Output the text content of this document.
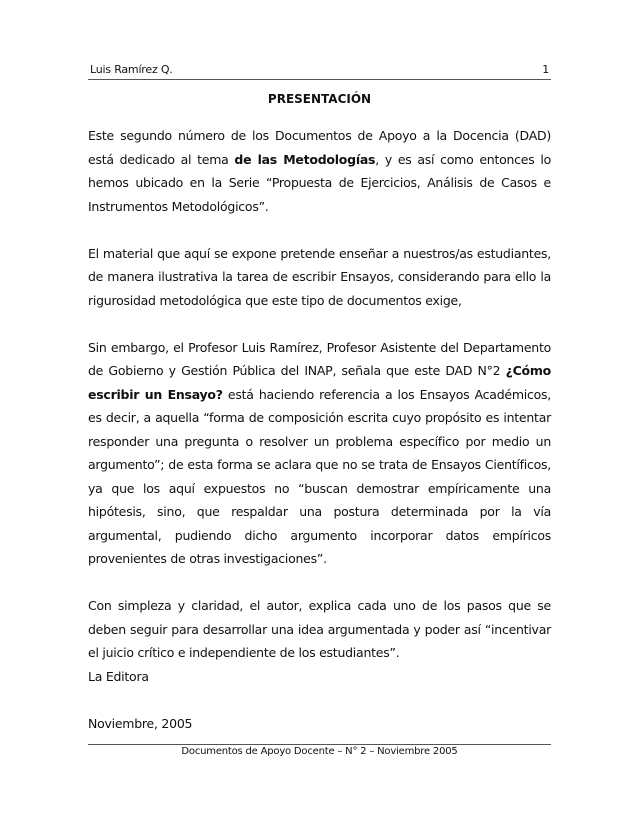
Luis Ramírez Q.	1
PRESENTACIÓN

Este segundo número de los Documentos de Apoyo a la Docencia (DAD) está dedicado al tema de las Metodologías, y es así como entonces lo hemos ubicado en la Serie “Propuesta de Ejercicios, Análisis de Casos e Instrumentos Metodológicos”.

El material que aquí se expone pretende enseñar a nuestros/as estudiantes, de manera ilustrativa la tarea de escribir Ensayos, considerando para ello la rigurosidad metodológica que este tipo de documentos exige,

Sin embargo, el Profesor Luis Ramírez, Profesor Asistente del Departamento de Gobierno y Gestión Pública del INAP, señala que este DAD N°2 ¿Cómo escribir un Ensayo? está haciendo referencia a los Ensayos Académicos, es decir, a aquella “forma de composición escrita cuyo propósito es intentar responder una pregunta o resolver un problema específico por medio un argumento”; de esta forma se aclara que no se trata de Ensayos Científicos, ya que los aquí expuestos no “buscan demostrar empíricamente una hipótesis, sino, que respaldar una postura determinada por la vía argumental, pudiendo dicho argumento incorporar datos empíricos provenientes de otras investigaciones”.

Con simpleza y claridad, el autor, explica cada uno de los pasos que se deben seguir para desarrollar una idea argumentada y poder así “incentivar el juicio crítico e independiente de los estudiantes”.

La Editora

Noviembre, 2005

Documentos de Apoyo Docente – N° 2 – Noviembre 2005
